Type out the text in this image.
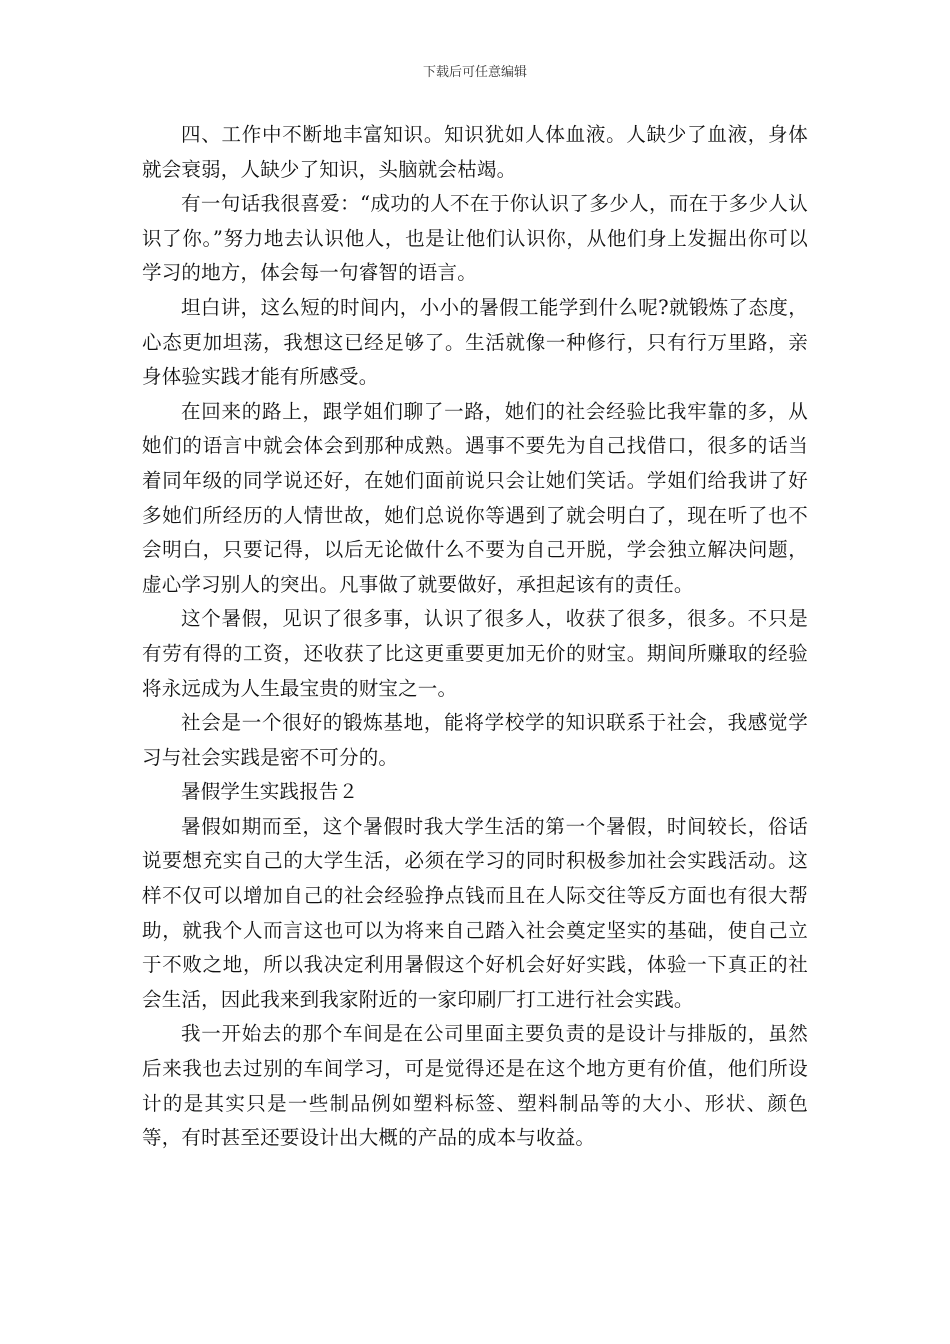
下载后可任意编辑

四、工作中不断地丰富知识。知识犹如人体血液。人缺少了血液，身体就会衰弱，人缺少了知识，头脑就会枯竭。

有一句话我很喜爱：“成功的人不在于你认识了多少人，而在于多少人认识了你。”努力地去认识他人，也是让他们认识你，从他们身上发掘出你可以学习的地方，体会每一句睿智的语言。

坦白讲，这么短的时间内，小小的暑假工能学到什么呢?就锻炼了态度，心态更加坦荡，我想这已经足够了。生活就像一种修行，只有行万里路，亲身体验实践才能有所感受。

在回来的路上，跟学姐们聊了一路，她们的社会经验比我牢靠的多，从她们的语言中就会体会到那种成熟。遇事不要先为自己找借口，很多的话当着同年级的同学说还好，在她们面前说只会让她们笑话。学姐们给我讲了好多她们所经历的人情世故，她们总说你等遇到了就会明白了，现在听了也不会明白，只要记得，以后无论做什么不要为自己开脱，学会独立解决问题，虚心学习别人的突出。凡事做了就要做好，承担起该有的责任。

这个暑假，见识了很多事，认识了很多人，收获了很多，很多。不只是有劳有得的工资，还收获了比这更重要更加无价的财宝。期间所赚取的经验将永远成为人生最宝贵的财宝之一。

社会是一个很好的锻炼基地，能将学校学的知识联系于社会，我感觉学习与社会实践是密不可分的。

暑假学生实践报告２

暑假如期而至，这个暑假时我大学生活的第一个暑假，时间较长，俗话说要想充实自己的大学生活，必须在学习的同时积极参加社会实践活动。这样不仅可以增加自己的社会经验挣点钱而且在人际交往等反方面也有很大帮助，就我个人而言这也可以为将来自己踏入社会奠定坚实的基础，使自己立于不败之地，所以我决定利用暑假这个好机会好好实践，体验一下真正的社会生活，因此我来到我家附近的一家印刷厂打工进行社会实践。

我一开始去的那个车间是在公司里面主要负责的是设计与排版的，虽然后来我也去过别的车间学习，可是觉得还是在这个地方更有价值，他们所设计的是其实只是一些制品例如塑料标签、塑料制品等的大小、形状、颜色等，有时甚至还要设计出大概的产品的成本与收益。
